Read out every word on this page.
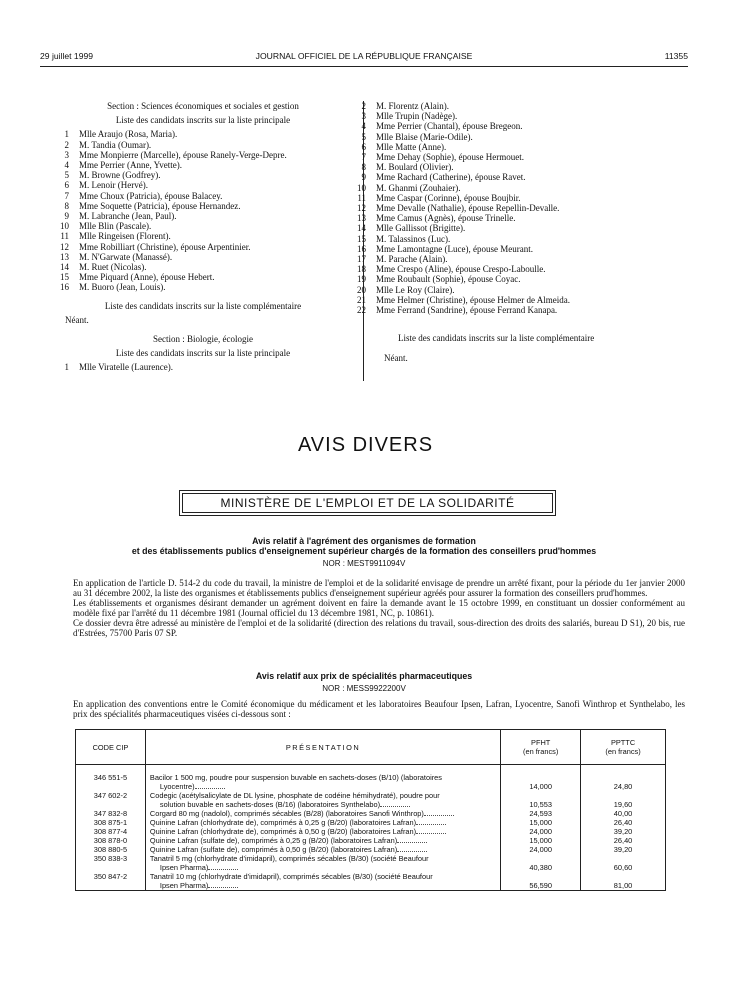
29 juillet 1999	JOURNAL OFFICIEL DE LA RÉPUBLIQUE FRANÇAISE	11355
Section : Sciences économiques et sociales et gestion
Liste des candidats inscrits sur la liste principale
1 Mlle Araujo (Rosa, Maria).
2 M. Tandia (Oumar).
3 Mme Monpierre (Marcelle), épouse Ranely-Verge-Depre.
4 Mme Perrier (Anne, Yvette).
5 M. Browne (Godfrey).
6 M. Lenoir (Hervé).
7 Mme Choux (Patricia), épouse Balacey.
8 Mme Soquette (Patricia), épouse Hernandez.
9 M. Labranche (Jean, Paul).
10 Mlle Blin (Pascale).
11 Mlle Ringeisen (Florent).
12 Mme Robilliart (Christine), épouse Arpentinier.
13 M. N'Garwate (Manassé).
14 M. Ruet (Nicolas).
15 Mme Piquard (Anne), épouse Hebert.
16 M. Buoro (Jean, Louis).
Liste des candidats inscrits sur la liste complémentaire
Néant.
Section : Biologie, écologie
Liste des candidats inscrits sur la liste principale
1 Mlle Viratelle (Laurence).
2 M. Florentz (Alain).
3 Mlle Trupin (Nadège).
4 Mme Perrier (Chantal), épouse Bregeon.
5 Mlle Blaise (Marie-Odile).
6 Mlle Matte (Anne).
7 Mme Dehay (Sophie), épouse Hermouet.
8 M. Boulard (Olivier).
9 Mme Rachard (Catherine), épouse Ravet.
10 M. Ghanmi (Zouhaier).
11 Mme Caspar (Corinne), épouse Boujbir.
12 Mme Devalle (Nathalie), épouse Repellin-Devalle.
13 Mme Camus (Agnès), épouse Trinelle.
14 Mlle Gallissot (Brigitte).
15 M. Talassinos (Luc).
16 Mme Lamontagne (Luce), épouse Meurant.
17 M. Parache (Alain).
18 Mme Crespo (Aline), épouse Crespo-Laboulle.
19 Mme Roubault (Sophie), épouse Coyac.
20 Mlle Le Roy (Claire).
21 Mme Helmer (Christine), épouse Helmer de Almeida.
22 Mme Ferrand (Sandrine), épouse Ferrand Kanapa.
Liste des candidats inscrits sur la liste complémentaire
Néant.
AVIS DIVERS
MINISTÈRE DE L'EMPLOI ET DE LA SOLIDARITÉ
Avis relatif à l'agrément des organismes de formation
et des établissements publics d'enseignement supérieur chargés de la formation des conseillers prud'hommes
NOR : MESТ9911094V

En application de l'article D. 514-2 du code du travail, la ministre de l'emploi et de la solidarité envisage de prendre un arrêté fixant, pour la période du 1er janvier 2000 au 31 décembre 2002, la liste des organismes et établissements publics d'enseignement supérieur agréés pour assurer la formation des conseillers prud'hommes.

Les établissements et organismes désirant demander un agrément doivent en faire la demande avant le 15 octobre 1999, en constituant un dossier conformément au modèle fixé par l'arrêté du 11 décembre 1981 (Journal officiel du 13 décembre 1981, NC, p. 10861).

Ce dossier devra être adressé au ministère de l'emploi et de la solidarité (direction des relations du travail, sous-direction des droits des salariés, bureau D S1), 20 bis, rue d'Estrées, 75700 Paris 07 SP.

Avis relatif aux prix de spécialités pharmaceutiques
NOR : MESS9922200V

En application des conventions entre le Comité économique du médicament et les laboratoires Beaufour Ipsen, Lafran, Lyocentre, Sanofi Winthrop et Synthelabo, les prix des spécialités pharmaceutiques visées ci-dessous sont :

CODE CIP	PRÉSENTATION	PFHT
(en francs)	PPTTC
(en francs)

346 551-5	Bacilor 1 500 mg, poudre pour suspension buvable en sachets-doses (B/10) (laboratoires
Lyocentre)	14,000	24,80
347 602-2	Codegic (acétylsalicylate de DL lysine, phosphate de codéine hémihydraté), poudre pour
solution buvable en sachets-doses (B/16) (laboratoires Synthelabo)	10,553	19,60
347 832-8	Corgard 80 mg (nadolol), comprimés sécables (B/28) (laboratoires Sanofi Winthrop)	24,593	40,00
308 875-1	Quinine Lafran (chlorhydrate de), comprimés à 0,25 g (B/20) (laboratoires Lafran)	15,000	26,40
308 877-4	Quinine Lafran (chlorhydrate de), comprimés à 0,50 g (B/20) (laboratoires Lafran)	24,000	39,20
308 878-0	Quinine Lafran (sulfate de), comprimés à 0,25 g (B/20) (laboratoires Lafran)	15,000	26,40
308 880-5	Quinine Lafran (sulfate de), comprimés à 0,50 g (B/20) (laboratoires Lafran)	24,000	39,20
350 838-3	Tanatril 5 mg (chlorhydrate d'imidapril), comprimés sécables (B/30) (société Beaufour
Ipsen Pharma)	40,380	60,60
350 847-2	Tanatril 10 mg (chlorhydrate d'imidapril), comprimés sécables (B/30) (société Beaufour
Ipsen Pharma)	56,590	81,00
